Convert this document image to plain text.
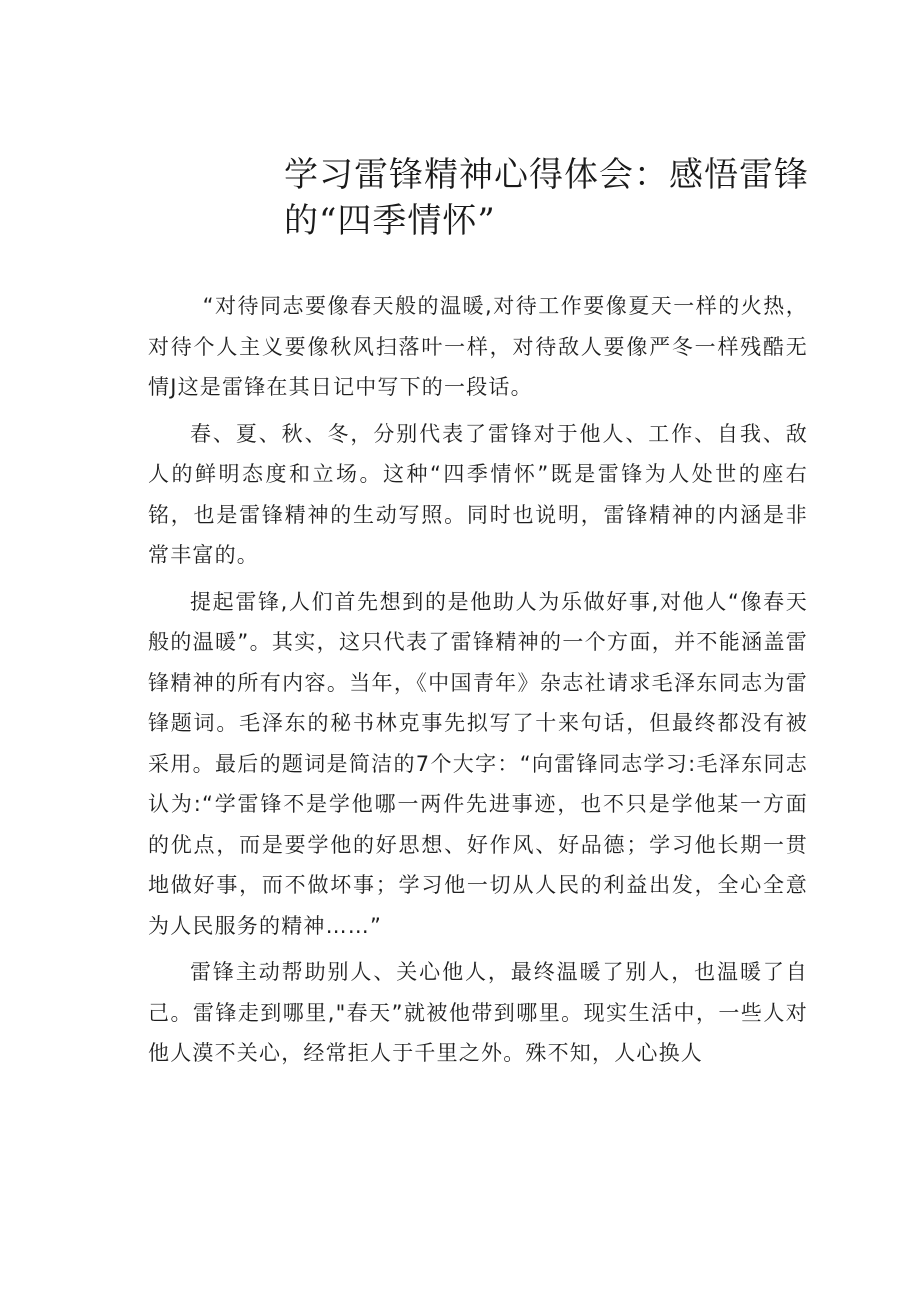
学习雷锋精神心得体会：感悟雷锋
的“四季情怀”

“对待同志要像春天般的温暖,对待工作要像夏天一样的火热，对待个人主义要像秋风扫落叶一样，对待敌人要像严冬一样残酷无情J这是雷锋在其日记中写下的一段话。

春、夏、秋、冬，分别代表了雷锋对于他人、工作、自我、敌人的鲜明态度和立场。这种“四季情怀”既是雷锋为人处世的座右铭，也是雷锋精神的生动写照。同时也说明，雷锋精神的内涵是非常丰富的。

提起雷锋,人们首先想到的是他助人为乐做好事,对他人“像春天般的温暖”。其实，这只代表了雷锋精神的一个方面，并不能涵盖雷锋精神的所有内容。当年，《中国青年》杂志社请求毛泽东同志为雷锋题词。毛泽东的秘书林克事先拟写了十来句话，但最终都没有被采用。最后的题词是简洁的7个大字：“向雷锋同志学习:毛泽东同志认为:“学雷锋不是学他哪一两件先进事迹，也不只是学他某一方面的优点，而是要学他的好思想、好作风、好品德；学习他长期一贯地做好事，而不做坏事；学习他一切从人民的利益出发，全心全意为人民服务的精神……”

雷锋主动帮助别人、关心他人，最终温暖了别人，也温暖了自己。雷锋走到哪里,"春天”就被他带到哪里。现实生活中，一些人对他人漠不关心，经常拒人于千里之外。殊不知，人心换人
